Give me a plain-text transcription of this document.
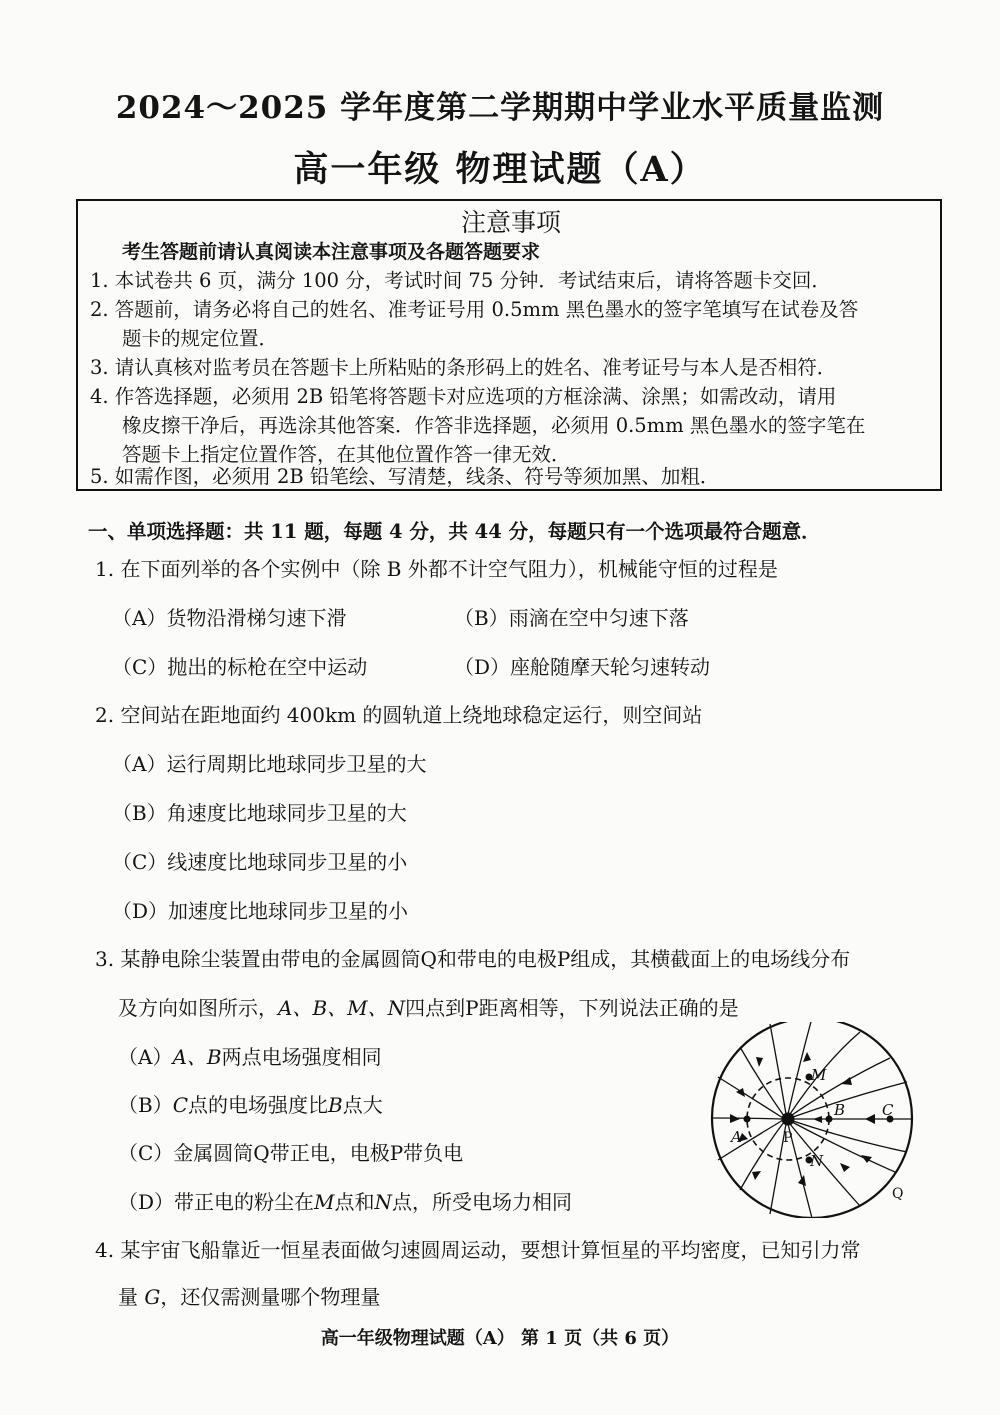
2024～2025 学年度第二学期期中学业水平质量监测
高一年级 物理试题（A）
注意事项
考生答题前请认真阅读本注意事项及各题答题要求
1. 本试卷共 6 页，满分 100 分，考试时间 75 分钟．考试结束后，请将答题卡交回．
2. 答题前，请务必将自己的姓名、准考证号用 0.5mm 黑色墨水的签字笔填写在试卷及答
题卡的规定位置．
3. 请认真核对监考员在答题卡上所粘贴的条形码上的姓名、准考证号与本人是否相符．
4. 作答选择题，必须用 2B 铅笔将答题卡对应选项的方框涂满、涂黑；如需改动，请用
橡皮擦干净后，再选涂其他答案．作答非选择题，必须用 0.5mm 黑色墨水的签字笔在
答题卡上指定位置作答，在其他位置作答一律无效．
5. 如需作图，必须用 2B 铅笔绘、写清楚，线条、符号等须加黑、加粗．
一、单项选择题：共 11 题，每题 4 分，共 44 分，每题只有一个选项最符合题意．
1. 在下面列举的各个实例中（除 B 外都不计空气阻力），机械能守恒的过程是
（A）货物沿滑梯匀速下滑	（B）雨滴在空中匀速下落
（C）抛出的标枪在空中运动	（D）座舱随摩天轮匀速转动
2. 空间站在距地面约 400km 的圆轨道上绕地球稳定运行，则空间站
（A）运行周期比地球同步卫星的大
（B）角速度比地球同步卫星的大
（C）线速度比地球同步卫星的小
（D）加速度比地球同步卫星的小
3. 某静电除尘装置由带电的金属圆筒Q和带电的电极P组成，其横截面上的电场线分布
及方向如图所示，A、B、M、N四点到P距离相等，下列说法正确的是
（A）A、B两点电场强度相同
（B）C点的电场强度比B点大
（C）金属圆筒Q带正电，电极P带负电
（D）带正电的粉尘在M点和N点，所受电场力相同
M
B C
A
N
P
Q
4. 某宇宙飞船靠近一恒星表面做匀速圆周运动，要想计算恒星的平均密度，已知引力常
量 G，还仅需测量哪个物理量
高一年级物理试题（A） 第 1 页（共 6 页）
